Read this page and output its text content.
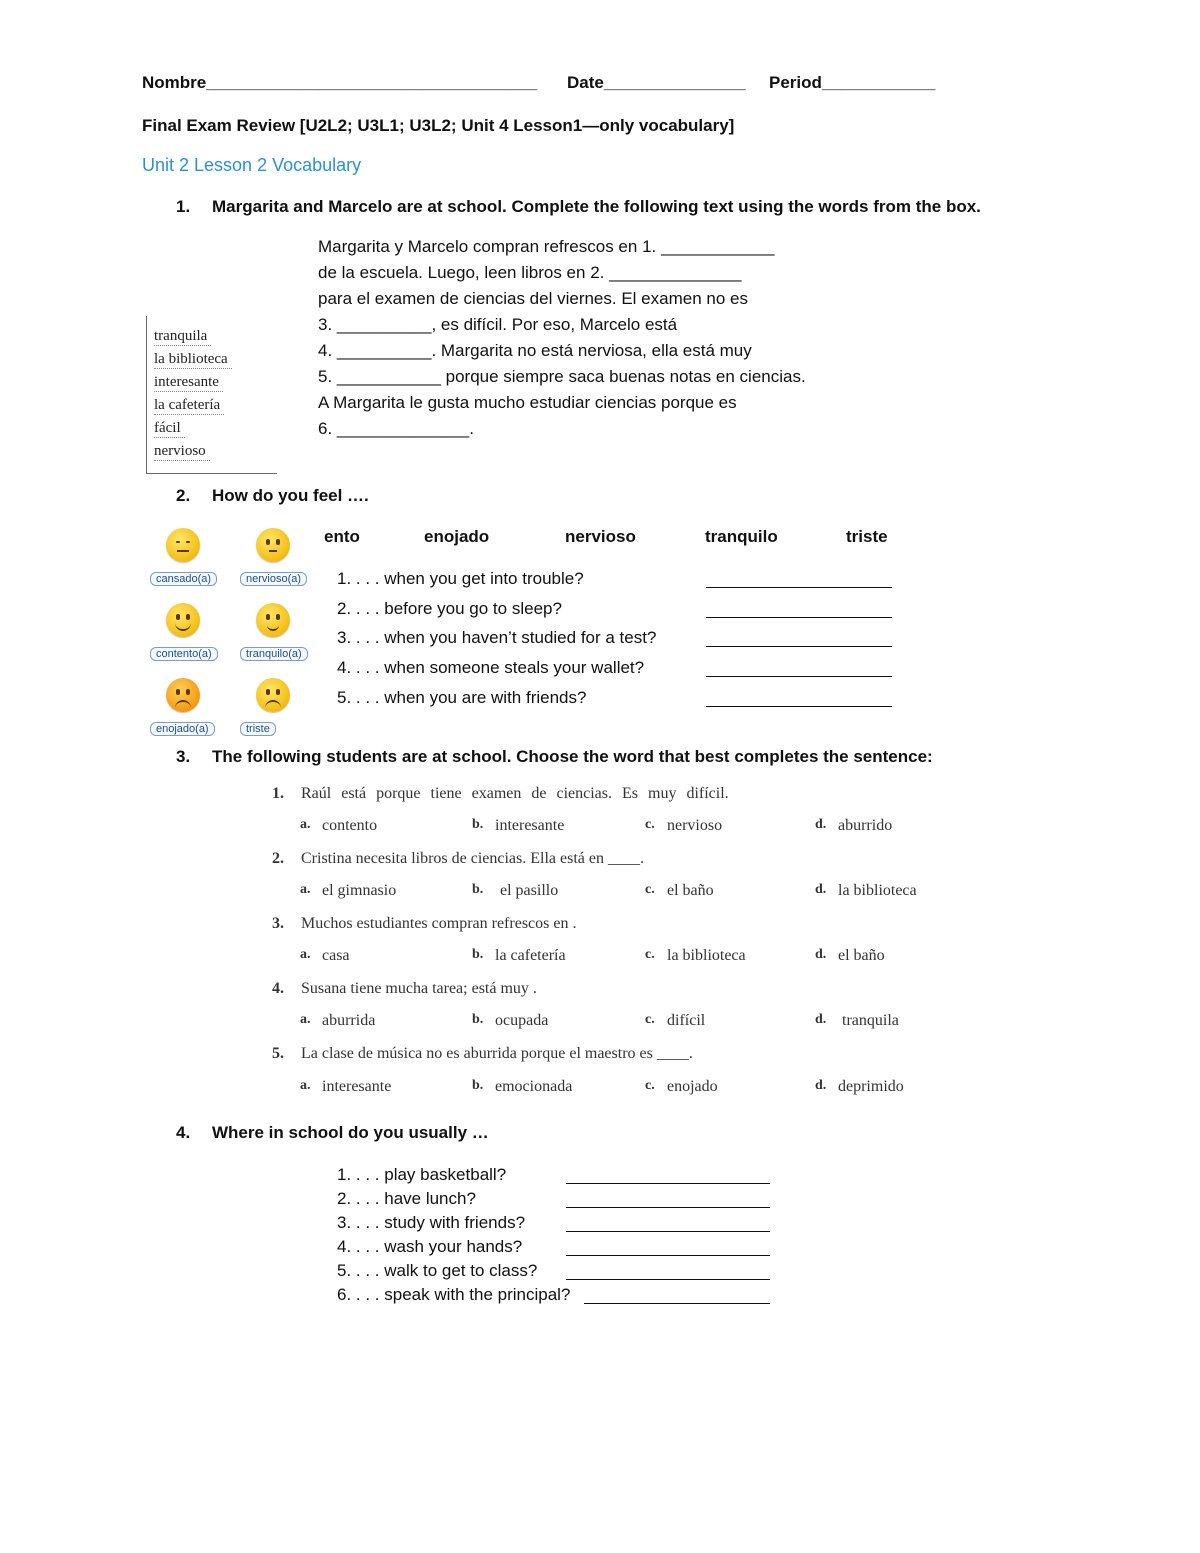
Nombre___________________________________ Date_______________ Period____________
Final Exam Review [U2L2; U3L1; U3L2; Unit 4 Lesson1—only vocabulary]
Unit 2 Lesson 2 Vocabulary
1. Margarita and Marcelo are at school. Complete the following text using the words from the box.
tranquila
la biblioteca
interesante
la cafetería
fácil
nervioso
Margarita y Marcelo compran refrescos en 1. ____________
de la escuela. Luego, leen libros en 2. ______________
para el examen de ciencias del viernes. El examen no es
3. __________, es difícil. Por eso, Marcelo está
4. __________. Margarita no está nerviosa, ella está muy
5. ___________ porque siempre saca buenas notas en ciencias.
A Margarita le gusta mucho estudiar ciencias porque es
6. ______________.
2. How do you feel ….
cansado(a)	nervioso(a)
contento(a)	tranquilo(a)
enojado(a)	triste
ento	enojado	nervioso	tranquilo	triste
1. . . . when you get into trouble?
2. . . . before you go to sleep?
3. . . . when you haven’t studied for a test?
4. . . . when someone steals your wallet?
5. . . . when you are with friends?
3. The following students are at school. Choose the word that best completes the sentence:
1. Raúl está porque tiene examen de ciencias. Es muy difícil.
a. contento	b. interesante	c. nervioso	d. aburrido
2. Cristina necesita libros de ciencias. Ella está en ____.
a. el gimnasio	b. el pasillo	c. el baño	d. la biblioteca
3. Muchos estudiantes compran refrescos en .
a. casa	b. la cafetería	c. la biblioteca	d. el baño
4. Susana tiene mucha tarea; está muy .
a. aburrida	b. ocupada	c. difícil	d. tranquila
5. La clase de música no es aburrida porque el maestro es ____.
a. interesante	b. emocionada	c. enojado	d. deprimido
4. Where in school do you usually …
1. . . . play basketball?
2. . . . have lunch?
3. . . . study with friends?
4. . . . wash your hands?
5. . . . walk to get to class?
6. . . . speak with the principal?
